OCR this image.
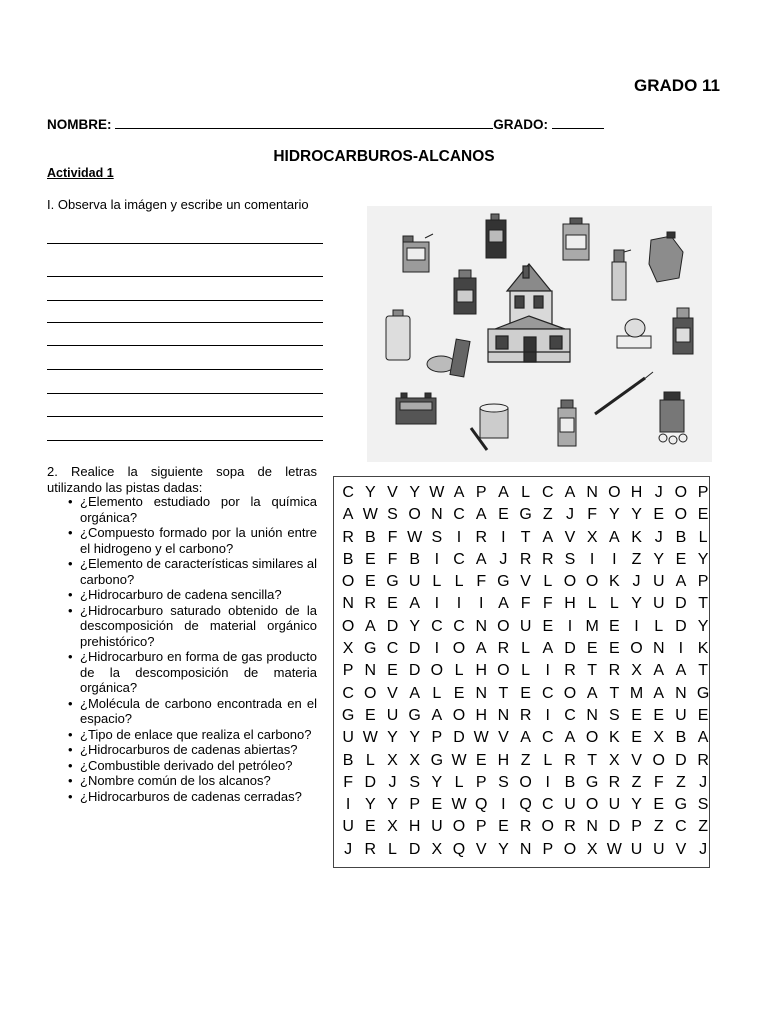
GRADO 11
NOMBRE:	GRADO:
HIDROCARBUROS-ALCANOS
Actividad 1
I. Observa la imágen y escribe un comentario
2. Realice la siguiente sopa de letras utilizando las pistas dadas:
• ¿Elemento estudiado por la química orgánica?
• ¿Compuesto formado por la unión entre el hidrogeno y el carbono?
• ¿Elemento de características similares al carbono?
• ¿Hidrocarburo de cadena sencilla?
• ¿Hidrocarburo saturado obtenido de la descomposición de material orgánico prehistórico?
• ¿Hidrocarburo en forma de gas producto de la descomposición de materia orgánica?
• ¿Molécula de carbono encontrada en el espacio?
• ¿Tipo de enlace que realiza el carbono?
• ¿Hidrocarburos de cadenas abiertas?
• ¿Combustible derivado del petróleo?
• ¿Nombre común de los alcanos?
• ¿Hidrocarburos de cadenas cerradas?
C Y V Y W A P A L C A N O H J O P
A W S O N C A E G Z J F Y Y E O E
R B F W S I R I T A V X A K J B L
B E F B I C A J R R S I	I Z Y E Y
O E G U L L F G V L O O K J U A P
N R E A I	I	I A F F H L L Y U D T
O A D Y C C N O U E I M E I L D Y
X G C D I O A R L A D E E O N I K
P N E D O L H O L I R T R X A A T
C O V A L E N T E C O A T M A N G
G E U G A O H N R I C N S E E U E
U W Y Y P D W V A C A O K E X B A
B L X X G W E H Z L R T X V O D R
F D J S Y L P S O I B G R Z F Z J
I Y Y P E W Q I Q C U O U Y E G S
U E X H U O P E R O R N D P Z C Z
J R L D X Q V Y N P O X W U U V J
